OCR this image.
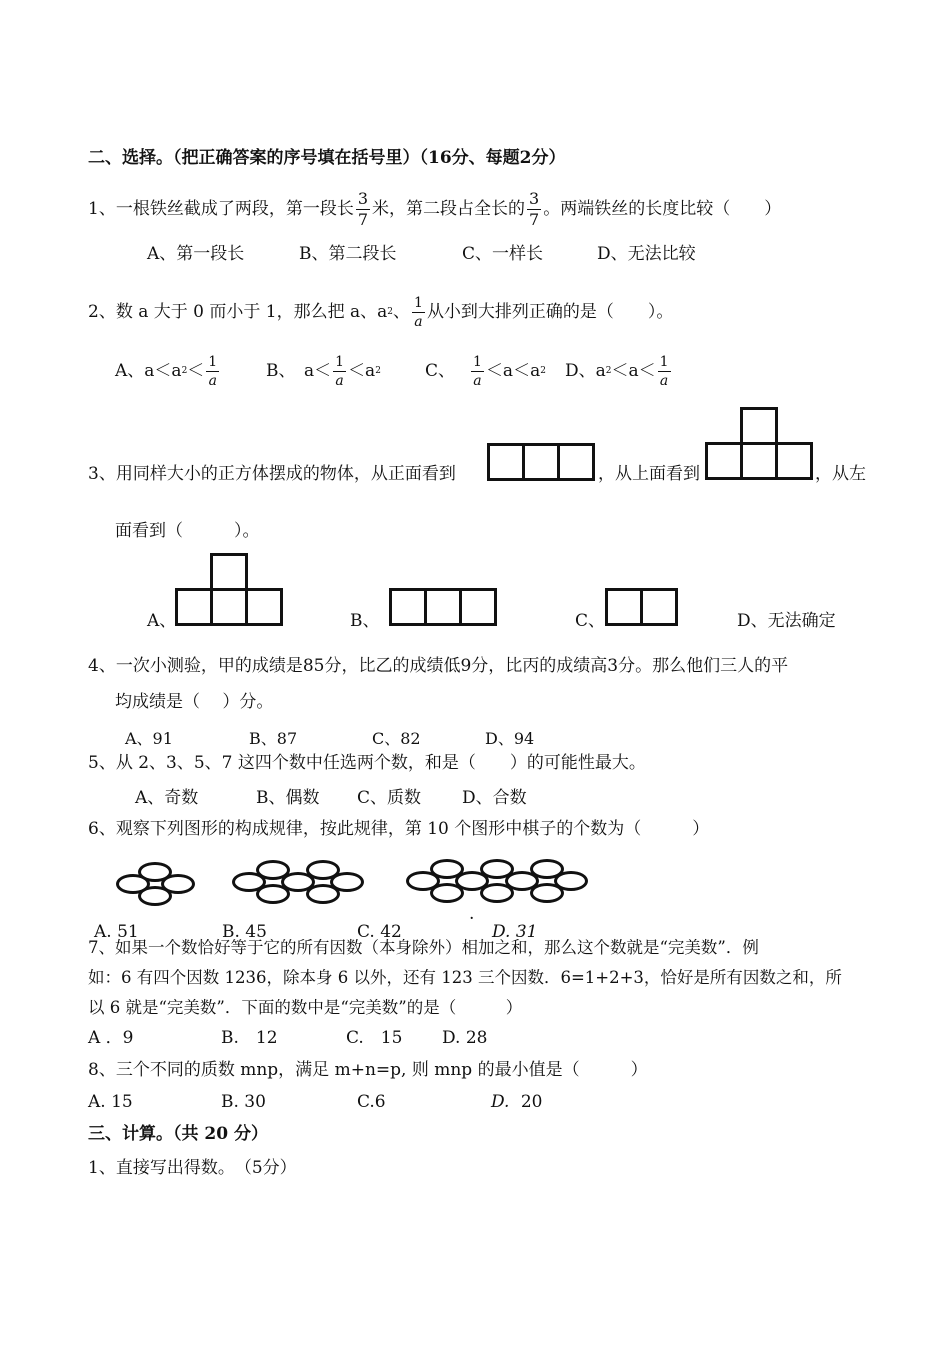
二、选择。（把正确答案的序号填在括号里）（16分、每题2分）
1、一根铁丝截成了两段，第一段长 $\frac{3}{7}$ 米，第二段占全长的 $\frac{3}{7}$ 。两端铁丝的长度比较（　　）
A、第一段长	B、第二段长	C、一样长	D、无法比较
2、数 a 大于 0 而小于 1，那么把 a、a 2 、 $\frac{1}{a}$ 从小到大排列正确的是（　　）。
A、a＜a $2 < \frac{1}{a}$	B、　$a< \frac{1}{a} <a$ 2	C、 $\frac{1}{a} <a<a$ 2 D、a $2 <a< \frac{1}{a}$
3、用同样大小的正方体摆成的物体，从正面看到	，从上面看到	，从左
面看到（　　　）。
A、	B、	C、	D、无法确定
4、一次小测验，甲的成绩是85分，比乙的成绩低9分，比丙的成绩高3分。那么他们三人的平
均成绩是（　 ）分。
A、91	B、87	C、82	D、94
5、从 2、3、5、7 这四个数中任选两个数，和是（　　）的可能性最大。
A、奇数	B、偶数 C、质数 D、合数
6、观察下列图形的构成规律，按此规律，第 10 个图形中棋子的个数为（　　　）
.
A. 51	B. 45	C. 42	D. 31
7、如果一个数恰好等于它的所有因数（本身除外）相加之和，那么这个数就是“完美数”．例
如：6 有四个因数 1236，除本身 6 以外，还有 123 三个因数．6=1+2+3，恰好是所有因数之和，所
以 6 就是“完美数”．下面的数中是“完美数”的是（　　　）
A ．9	B.　12	C.　15 D. 28
8、三个不同的质数 mnp，满足 m+n=p, 则 mnp 的最小值是（　　　）
A. 15	B. 30	C.6	D. 20
三、计算。（共 20 分）
1、直接写出得数。　（5分）
